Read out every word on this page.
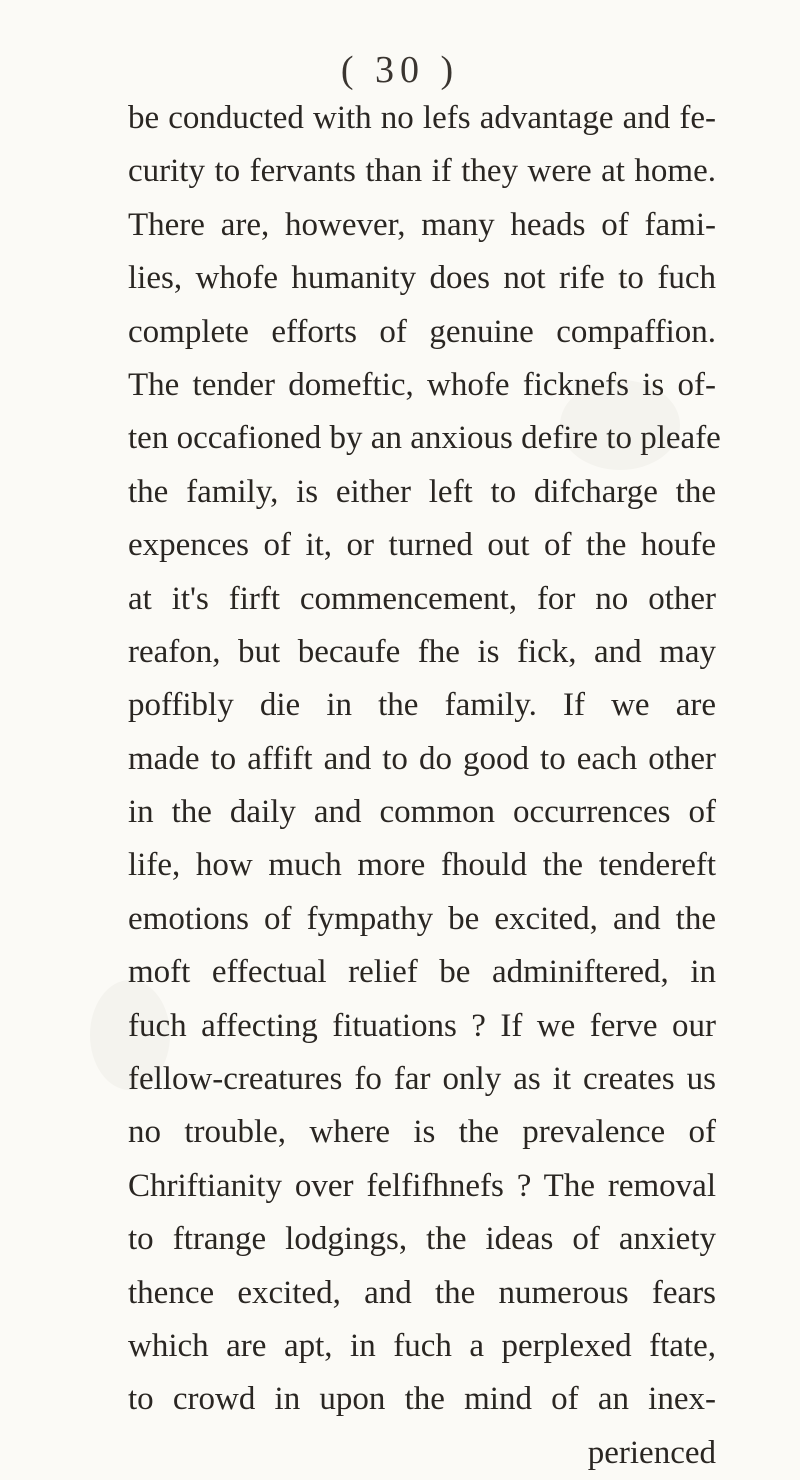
( 30 )
be conducted with no lefs advantage and fe-
curity to fervants than if they were at home.
There are, however, many heads of fami-
lies, whofe humanity does not rife to fuch
complete efforts of genuine compaffion.
The tender domeftic, whofe ficknefs is of-
ten occafioned by an anxious defire to pleafe
the family, is either left to difcharge the
expences of it, or turned out of the houfe
at it's firft commencement, for no other
reafon, but becaufe fhe is fick, and may
poffibly die in the family. If we are
made to affift and to do good to each other
in the daily and common occurrences of
life, how much more fhould the tendereft
emotions of fympathy be excited, and the
moft effectual relief be adminiftered, in
fuch affecting fituations ? If we ferve our
fellow-creatures fo far only as it creates us
no trouble, where is the prevalence of
Chriftianity over felfifhnefs ? The removal
to ftrange lodgings, the ideas of anxiety
thence excited, and the numerous fears
which are apt, in fuch a perplexed ftate,
to crowd in upon the mind of an inex-
perienced
